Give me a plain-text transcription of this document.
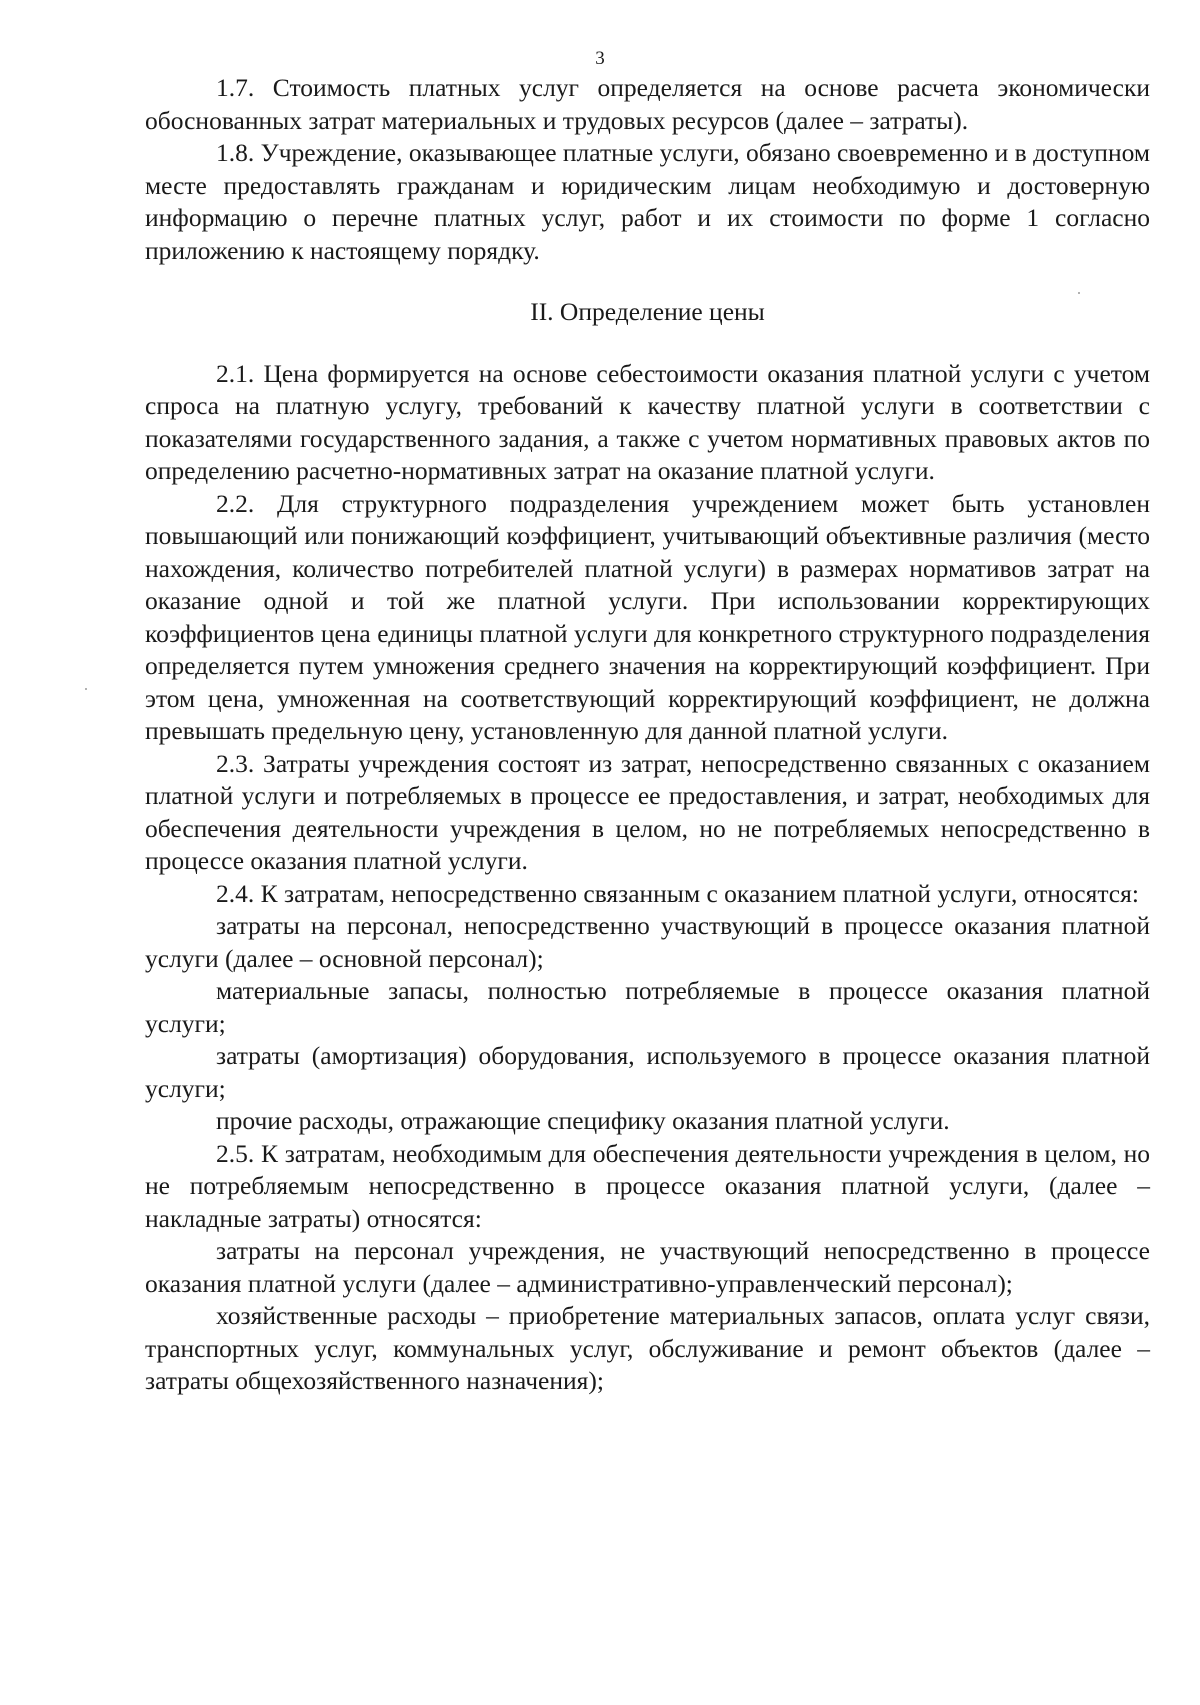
3

1.7. Стоимость платных услуг определяется на основе расчета экономически обоснованных затрат материальных и трудовых ресурсов (далее – затраты).

1.8. Учреждение, оказывающее платные услуги, обязано своевременно и в доступном месте предоставлять гражданам и юридическим лицам необходимую и достоверную информацию о перечне платных услуг, работ и их стоимости по форме 1 согласно приложению к настоящему порядку.

II. Определение цены

2.1. Цена формируется на основе себестоимости оказания платной услуги с учетом спроса на платную услугу, требований к качеству платной услуги в соответствии с показателями государственного задания, а также с учетом нормативных правовых актов по определению расчетно-нормативных затрат на оказание платной услуги.

2.2. Для структурного подразделения учреждением может быть установлен повышающий или понижающий коэффициент, учитывающий объективные различия (место нахождения, количество потребителей платной услуги) в размерах нормативов затрат на оказание одной и той же платной услуги. При использовании корректирующих коэффициентов цена единицы платной услуги для конкретного структурного подразделения определяется путем умножения среднего значения на корректирующий коэффициент. При этом цена, умноженная на соответствующий корректирующий коэффициент, не должна превышать предельную цену, установленную для данной платной услуги.

2.3. Затраты учреждения состоят из затрат, непосредственно связанных с оказанием платной услуги и потребляемых в процессе ее предоставления, и затрат, необходимых для обеспечения деятельности учреждения в целом, но не потребляемых непосредственно в процессе оказания платной услуги.

2.4. К затратам, непосредственно связанным с оказанием платной услуги, относятся:

затраты на персонал, непосредственно участвующий в процессе оказания платной услуги (далее – основной персонал);

материальные запасы, полностью потребляемые в процессе оказания платной услуги;

затраты (амортизация) оборудования, используемого в процессе оказания платной услуги;

прочие расходы, отражающие специфику оказания платной услуги.

2.5. К затратам, необходимым для обеспечения деятельности учреждения в целом, но не потребляемым непосредственно в процессе оказания платной услуги, (далее – накладные затраты) относятся:

затраты на персонал учреждения, не участвующий непосредственно в процессе оказания платной услуги (далее – административно-управленческий персонал);

хозяйственные расходы – приобретение материальных запасов, оплата услуг связи, транспортных услуг, коммунальных услуг, обслуживание и ремонт объектов (далее – затраты общехозяйственного назначения);
